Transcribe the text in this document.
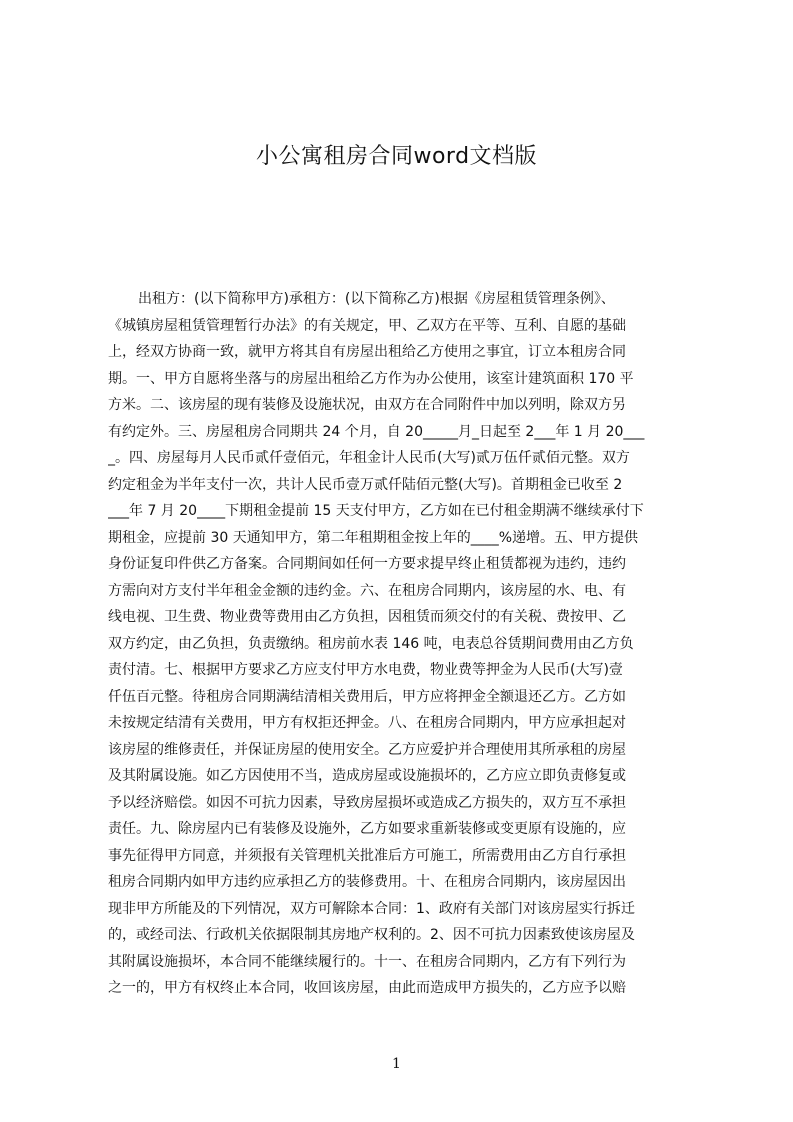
小公寓租房合同word文档版
出租方：(以下简称甲方)承租方：(以下简称乙方)根据《房屋租赁管理条例》、
《城镇房屋租赁管理暂行办法》的有关规定，甲、乙双方在平等、互利、自愿的基础
上，经双方协商一致，就甲方将其自有房屋出租给乙方使用之事宜，订立本租房合同
期。一、甲方自愿将坐落与的房屋出租给乙方作为办公使用，该室计建筑面积 170 平
方米。二、该房屋的现有装修及设施状况，由双方在合同附件中加以列明，除双方另
有约定外。三、房屋租房合同期共 24 个月，自 20_____月_日起至 2___年 1 月 20___
_。四、房屋每月人民币贰仟壹佰元，年租金计人民币(大写)贰万伍仟贰佰元整。双方
约定租金为半年支付一次，共计人民币壹万贰仟陆佰元整(大写)。首期租金已收至 2
___年 7 月 20____下期租金提前 15 天支付甲方，乙方如在已付租金期满不继续承付下
期租金，应提前 30 天通知甲方，第二年租期租金按上年的____%递增。五、甲方提供
身份证复印件供乙方备案。合同期间如任何一方要求提早终止租赁都视为违约，违约
方需向对方支付半年租金金额的违约金。六、在租房合同期内，该房屋的水、电、有
线电视、卫生费、物业费等费用由乙方负担，因租赁而须交付的有关税、费按甲、乙
双方约定，由乙负担，负责缴纳。租房前水表 146 吨，电表总谷赁期间费用由乙方负
责付清。七、根据甲方要求乙方应支付甲方水电费，物业费等押金为人民币(大写)壹
仟伍百元整。待租房合同期满结清相关费用后，甲方应将押金全额退还乙方。乙方如
未按规定结清有关费用，甲方有权拒还押金。八、在租房合同期内，甲方应承担起对
该房屋的维修责任，并保证房屋的使用安全。乙方应爱护并合理使用其所承租的房屋
及其附属设施。如乙方因使用不当，造成房屋或设施损坏的，乙方应立即负责修复或
予以经济赔偿。如因不可抗力因素，导致房屋损坏或造成乙方损失的，双方互不承担
责任。九、除房屋内已有装修及设施外，乙方如要求重新装修或变更原有设施的，应
事先征得甲方同意，并须报有关管理机关批准后方可施工，所需费用由乙方自行承担
租房合同期内如甲方违约应承担乙方的装修费用。十、在租房合同期内，该房屋因出
现非甲方所能及的下列情况，双方可解除本合同：1、政府有关部门对该房屋实行拆迁
的，或经司法、行政机关依据限制其房地产权利的。2、因不可抗力因素致使该房屋及
其附属设施损坏，本合同不能继续履行的。十一、在租房合同期内，乙方有下列行为
之一的，甲方有权终止本合同，收回该房屋，由此而造成甲方损失的，乙方应予以赔
1
